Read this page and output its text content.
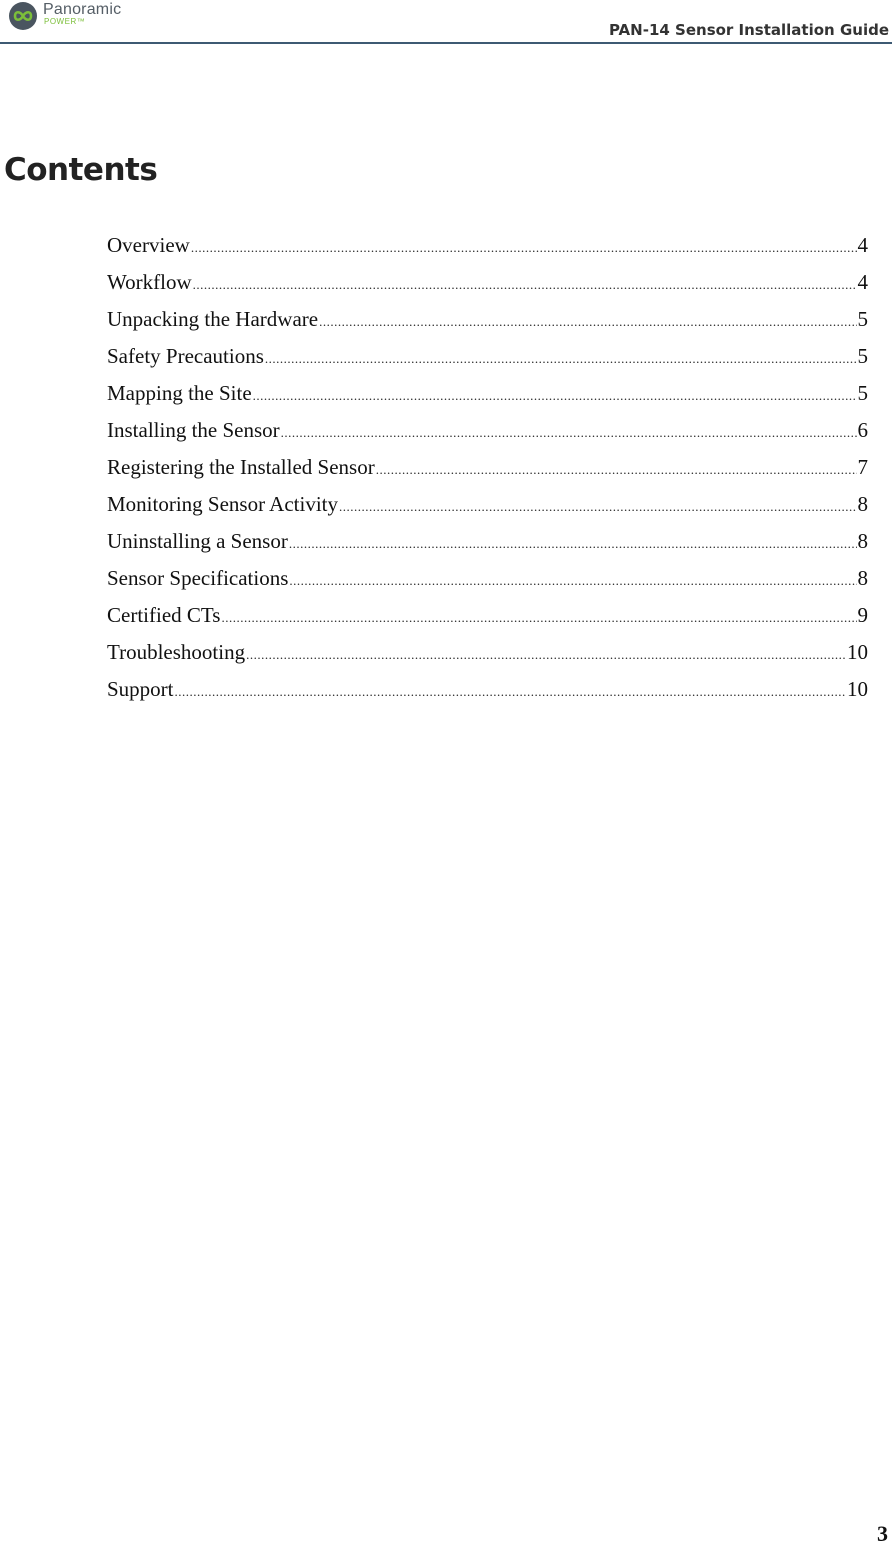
Panoramic
POWER™	PAN-14 Sensor Installation Guide
Contents
Overview .....	4
Workflow .....	4
Unpacking the Hardware .....	5
Safety Precautions .....	5
Mapping the Site .....	5
Installing the Sensor .....	6
Registering the Installed Sensor .....	7
Monitoring Sensor Activity .....	8
Uninstalling a Sensor .....	8
Sensor Specifications .....	8
Certified CTs .....	9
Troubleshooting .....	10
Support .....	10
3
